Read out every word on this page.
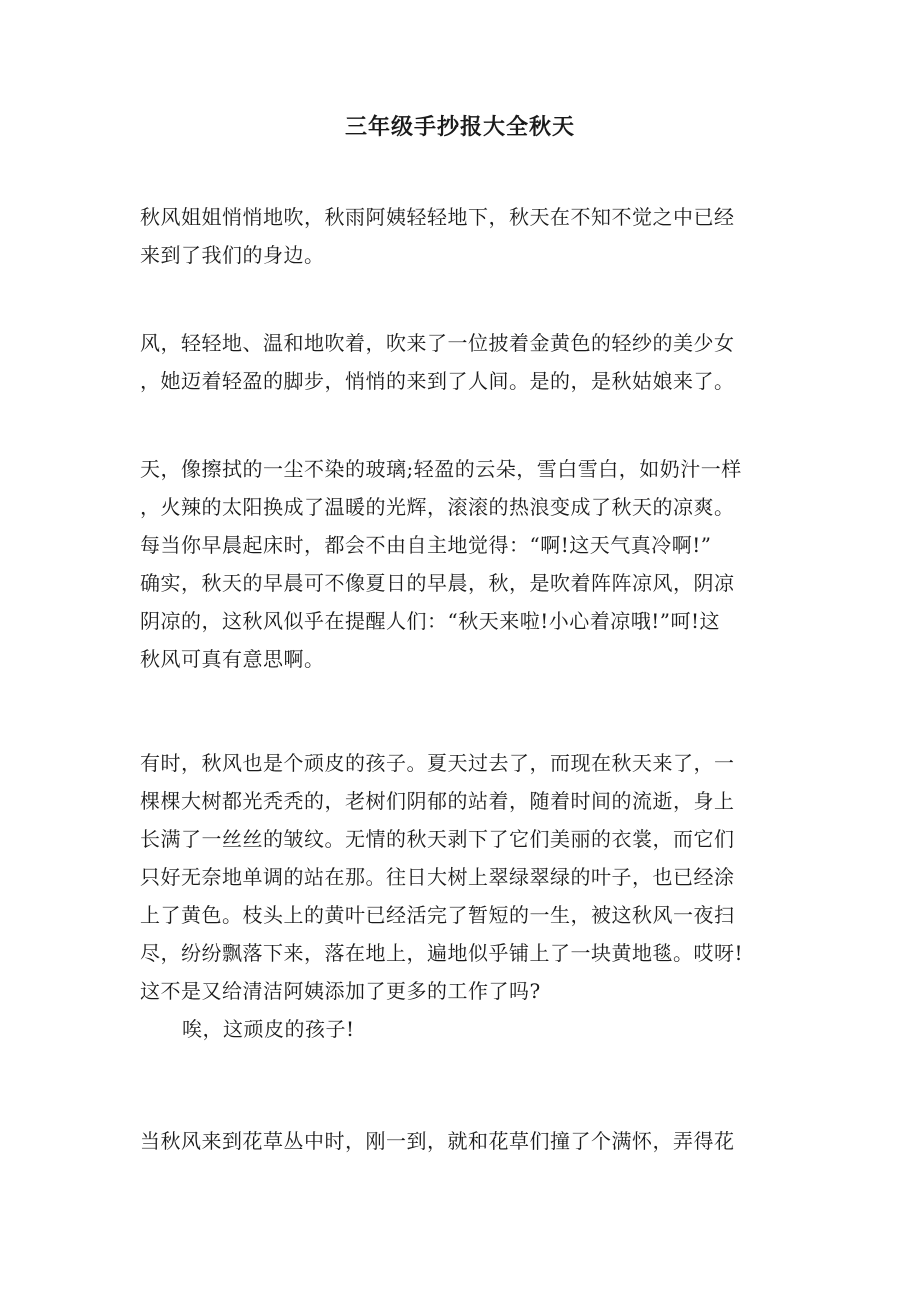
三年级手抄报大全秋天
秋风姐姐悄悄地吹，秋雨阿姨轻轻地下，秋天在不知不觉之中已经
来到了我们的身边。
风，轻轻地、温和地吹着，吹来了一位披着金黄色的轻纱的美少女
，她迈着轻盈的脚步，悄悄的来到了人间。是的，是秋姑娘来了。
天，像擦拭的一尘不染的玻璃;轻盈的云朵，雪白雪白，如奶汁一样
，火辣的太阳换成了温暖的光辉，滚滚的热浪变成了秋天的凉爽。
每当你早晨起床时，都会不由自主地觉得：“啊!这天气真冷啊!”
确实，秋天的早晨可不像夏日的早晨，秋，是吹着阵阵凉风，阴凉
阴凉的，这秋风似乎在提醒人们：“秋天来啦!小心着凉哦!”呵!这
秋风可真有意思啊。
有时，秋风也是个顽皮的孩子。夏天过去了，而现在秋天来了，一
棵棵大树都光秃秃的，老树们阴郁的站着，随着时间的流逝，身上
长满了一丝丝的皱纹。无情的秋天剥下了它们美丽的衣裳，而它们
只好无奈地单调的站在那。往日大树上翠绿翠绿的叶子，也已经涂
上了黄色。枝头上的黄叶已经活完了暂短的一生，被这秋风一夜扫
尽，纷纷飘落下来，落在地上，遍地似乎铺上了一块黄地毯。哎呀!
这不是又给清洁阿姨添加了更多的工作了吗?
唉，这顽皮的孩子!
当秋风来到花草丛中时，刚一到，就和花草们撞了个满怀，弄得花
